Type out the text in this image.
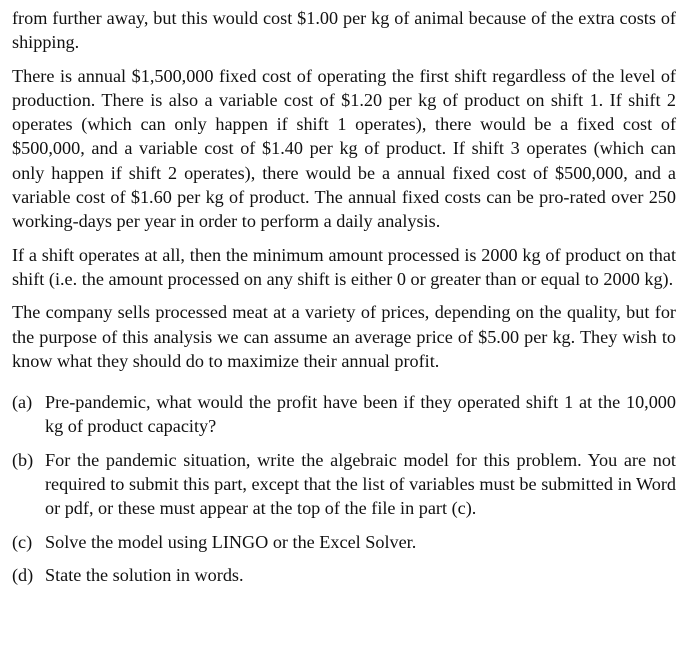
from further away, but this would cost $1.00 per kg of animal because of the extra costs of shipping.

There is annual $1,500,000 fixed cost of operating the first shift regardless of the level of production. There is also a variable cost of $1.20 per kg of product on shift 1. If shift 2 operates (which can only happen if shift 1 operates), there would be a fixed cost of $500,000, and a variable cost of $1.40 per kg of product. If shift 3 operates (which can only happen if shift 2 operates), there would be a annual fixed cost of $500,000, and a variable cost of $1.60 per kg of product. The annual fixed costs can be pro-rated over 250 working-days per year in order to perform a daily analysis.

If a shift operates at all, then the minimum amount processed is 2000 kg of product on that shift (i.e. the amount processed on any shift is either 0 or greater than or equal to 2000 kg).

The company sells processed meat at a variety of prices, depending on the quality, but for the purpose of this analysis we can assume an average price of $5.00 per kg. They wish to know what they should do to maximize their annual profit.

(a) Pre-pandemic, what would the profit have been if they operated shift 1 at the 10,000 kg of product capacity?
(b) For the pandemic situation, write the algebraic model for this problem. You are not required to submit this part, except that the list of variables must be submitted in Word or pdf, or these must appear at the top of the file in part (c).
(c) Solve the model using LINGO or the Excel Solver.
(d) State the solution in words.
